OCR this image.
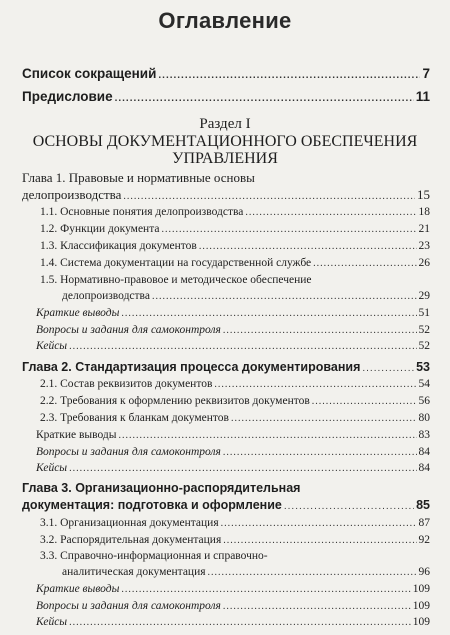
Оглавление
Список сокращений .....	7
Предисловие .....	11
Раздел I
ОСНОВЫ ДОКУМЕНТАЦИОННОГО ОБЕСПЕЧЕНИЯ
УПРАВЛЕНИЯ
Глава 1. Правовые и нормативные основы
делопроизводства .....	15
1.1. Основные понятия делопроизводства .....	18
1.2. Функции документа .....	21
1.3. Классификация документов .....	23
1.4. Система документации на государственной службе .....	26
1.5. Нормативно-правовое и методическое обеспечение
делопроизводства .....	29
Краткие выводы .....	51
Вопросы и задания для самоконтроля .....	52
Кейсы .....	52
Глава 2. Стандартизация процесса документирования .....	53
2.1. Состав реквизитов документов .....	54
2.2. Требования к оформлению реквизитов документов .....	56
2.3. Требования к бланкам документов .....	80
Краткие выводы .....	83
Вопросы и задания для самоконтроля .....	84
Кейсы .....	84
Глава 3. Организационно-распорядительная
документация: подготовка и оформление .....	85
3.1. Организационная документация .....	87
3.2. Распорядительная документация .....	92
3.3. Справочно-информационная и справочно-
аналитическая документация .....	96
Краткие выводы .....	109
Вопросы и задания для самоконтроля .....	109
Кейсы .....	109
